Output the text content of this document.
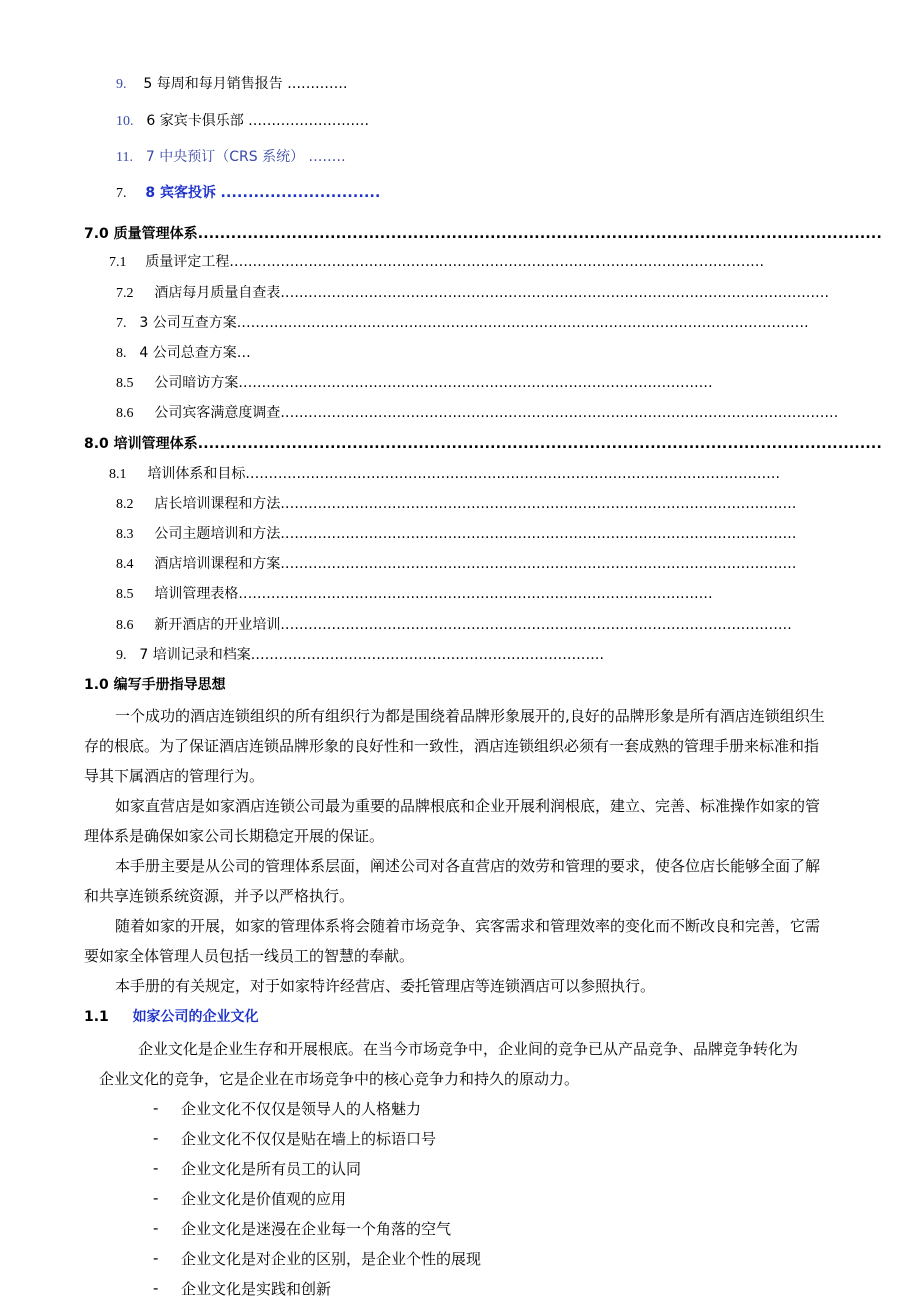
9. 5 每周和每月销售报告 .............
10. 6 家宾卡俱乐部 ..........................
11. 7 中央预订（CRS 系统） ........
7. 8 宾客投诉 .............................
7.0 质量管理体系............................................................................................................................
7.1 质量评定工程...................................................................................................................
7.2 酒店每月质量自查表......................................................................................................................
7. 3 公司互查方案...........................................................................................................................
8. 4 公司总查方案…
8.5 公司暗访方案......................................................................................................
8.6 公司宾客满意度调查........................................................................................................................
8.0 培训管理体系............................................................................................................................
8.1 培训体系和目标...................................................................................................................
8.2 店长培训课程和方法...............................................................................................................
8.3 公司主题培训和方法...............................................................................................................
8.4 酒店培训课程和方案...............................................................................................................
8.5 培训管理表格......................................................................................................
8.6 新开酒店的开业培训..............................................................................................................
9. 7 培训记录和档案............................................................................
1.0 编写手册指导思想
一个成功的酒店连锁组织的所有组织行为都是围绕着品牌形象展开的,良好的品牌形象是所有酒店连锁组织生存的根底。为了保证酒店连锁品牌形象的良好性和一致性，酒店连锁组织必须有一套成熟的管理手册来标准和指导其下属酒店的管理行为。
如家直营店是如家酒店连锁公司最为重要的品牌根底和企业开展利润根底，建立、完善、标准操作如家的管理体系是确保如家公司长期稳定开展的保证。
本手册主要是从公司的管理体系层面，阐述公司对各直营店的效劳和管理的要求，使各位店长能够全面了解和共享连锁系统资源，并予以严格执行。
随着如家的开展，如家的管理体系将会随着市场竞争、宾客需求和管理效率的变化而不断改良和完善，它需要如家全体管理人员包括一线员工的智慧的奉献。
本手册的有关规定，对于如家特许经营店、委托管理店等连锁酒店可以参照执行。
1.1 如家公司的企业文化
企业文化是企业生存和开展根底。在当今市场竞争中，企业间的竞争已从产品竞争、品牌竞争转化为
企业文化的竞争，它是企业在市场竞争中的核心竞争力和持久的原动力。
- 企业文化不仅仅是领导人的人格魅力
- 企业文化不仅仅是贴在墙上的标语口号
- 企业文化是所有员工的认同
- 企业文化是价值观的应用
- 企业文化是迷漫在企业每一个角落的空气
- 企业文化是对企业的区别，是企业个性的展现
- 企业文化是实践和创新
